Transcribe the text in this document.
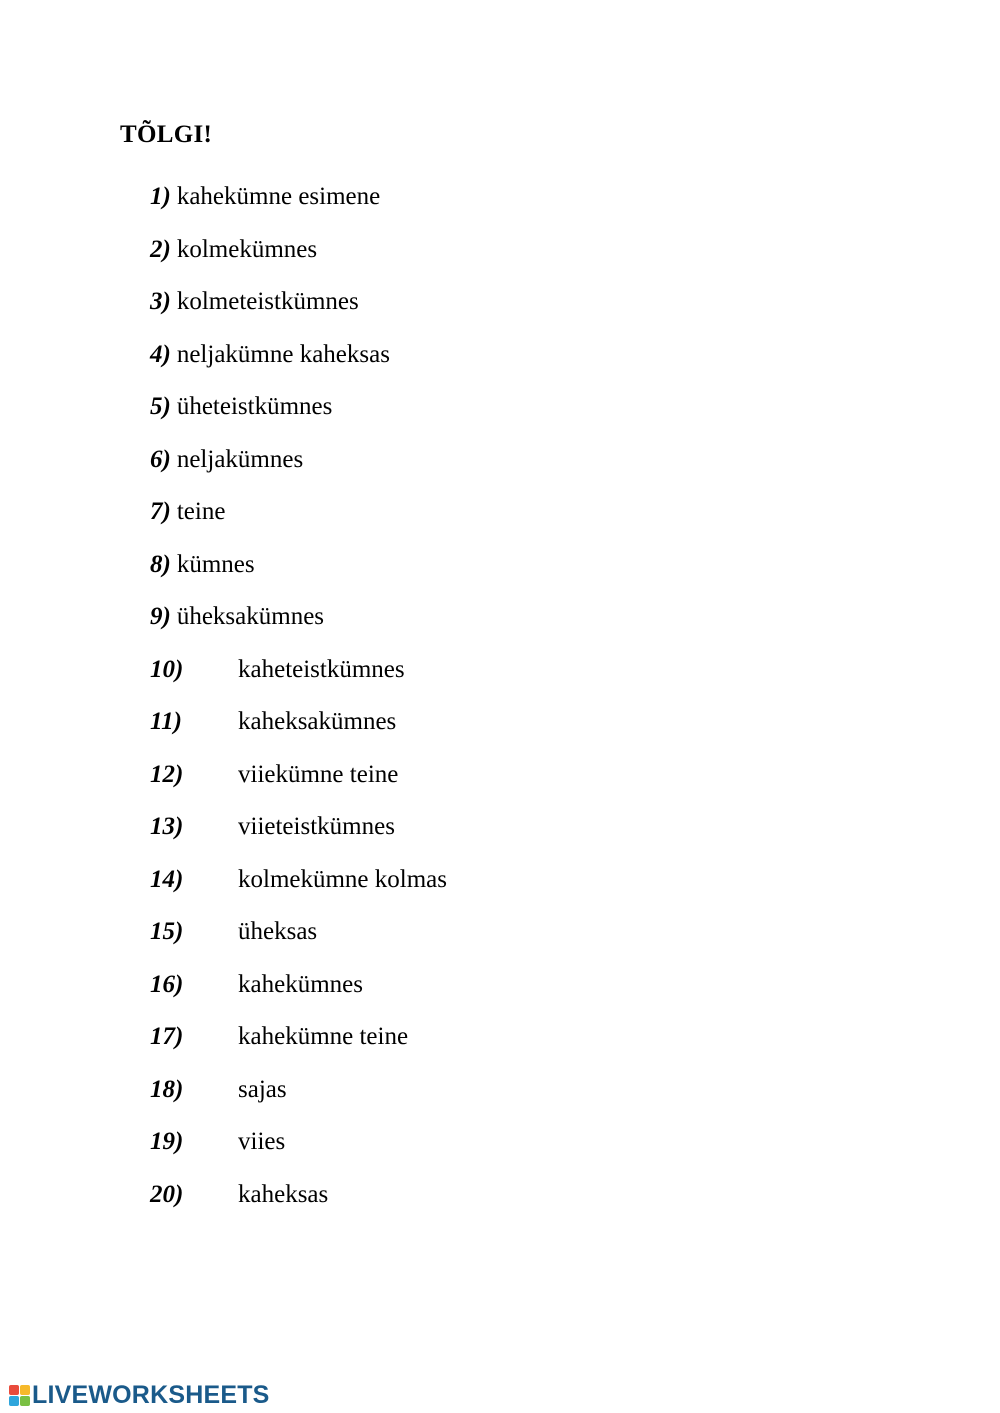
TÕLGI!
1) kahekümne esimene
2) kolmekümnes
3) kolmeteistkümnes
4) neljakümne kaheksas
5) üheteistkümnes
6) neljakümnes
7) teine
8) kümnes
9) üheksakümnes
10) kaheteistkümnes
11) kaheksakümnes
12) viiekümne teine
13) viieteistkümnes
14) kolmekümne kolmas
15) üheksas
16) kahekümnes
17) kahekümne teine
18) sajas
19) viies
20) kaheksas
LIVEWORKSHEETS
